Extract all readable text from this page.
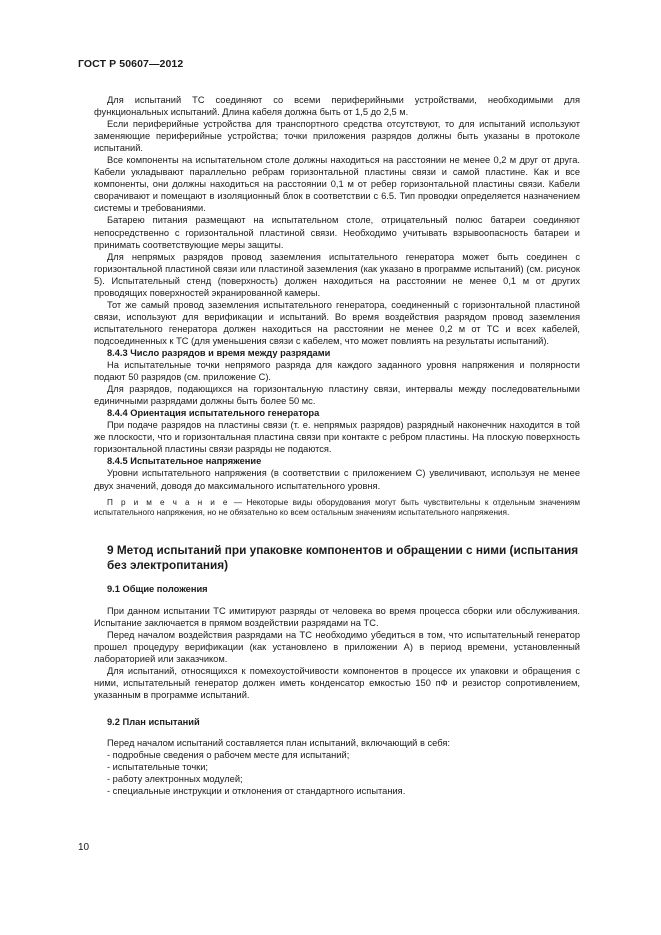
ГОСТ Р 50607—2012

Для испытаний ТС соединяют со всеми периферийными устройствами, необходимыми для функциональных испытаний. Длина кабеля должна быть от 1,5 до 2,5 м.

Если периферийные устройства для транспортного средства отсутствуют, то для испытаний используют заменяющие периферийные устройства; точки приложения разрядов должны быть указаны в протоколе испытаний.

Все компоненты на испытательном столе должны находиться на расстоянии не менее 0,2 м друг от друга. Кабели укладывают параллельно ребрам горизонтальной пластины связи и самой пластине. Как и все компоненты, они должны находиться на расстоянии 0,1 м от ребер горизонтальной пластины связи. Кабели сворачивают и помещают в изоляционный блок в соответствии с 6.5. Тип проводки определяется назначением системы и требованиями.

Батарею питания размещают на испытательном столе, отрицательный полюс батареи соединяют непосредственно с горизонтальной пластиной связи. Необходимо учитывать взрывоопасность батареи и принимать соответствующие меры защиты.

Для непрямых разрядов провод заземления испытательного генератора может быть соединен с горизонтальной пластиной связи или пластиной заземления (как указано в программе испытаний) (см. рисунок 5). Испытательный стенд (поверхность) должен находиться на расстоянии не менее 0,1 м от других проводящих поверхностей экранированной камеры.

Тот же самый провод заземления испытательного генератора, соединенный с горизонтальной пластиной связи, используют для верификации и испытаний. Во время воздействия разрядом провод заземления испытательного генератора должен находиться на расстоянии не менее 0,2 м от ТС и всех кабелей, подсоединенных к ТС (для уменьшения связи с кабелем, что может повлиять на результаты испытаний).

8.4.3 Число разрядов и время между разрядами

На испытательные точки непрямого разряда для каждого заданного уровня напряжения и полярности подают 50 разрядов (см. приложение С).

Для разрядов, подающихся на горизонтальную пластину связи, интервалы между последовательными единичными разрядами должны быть более 50 мс.

8.4.4 Ориентация испытательного генератора

При подаче разрядов на пластины связи (т. е. непрямых разрядов) разрядный наконечник находится в той же плоскости, что и горизонтальная пластина связи при контакте с ребром пластины. На плоскую поверхность горизонтальной пластины связи разряды не подаются.

8.4.5 Испытательное напряжение

Уровни испытательного напряжения (в соответствии с приложением С) увеличивают, используя не менее двух значений, доводя до максимального испытательного уровня.

П р и м е ч а н и е — Некоторые виды оборудования могут быть чувствительны к отдельным значениям испытательного напряжения, но не обязательно ко всем остальным значениям испытательного напряжения.

9 Метод испытаний при упаковке компонентов и обращении с ними (испытания без электропитания)
9.1 Общие положения

При данном испытании ТС имитируют разряды от человека во время процесса сборки или обслуживания. Испытание заключается в прямом воздействии разрядами на ТС.

Перед началом воздействия разрядами на ТС необходимо убедиться в том, что испытательный генератор прошел процедуру верификации (как установлено в приложении А) в период времени, установленный лабораторией или заказчиком.

Для испытаний, относящихся к помехоустойчивости компонентов в процессе их упаковки и обращения с ними, испытательный генератор должен иметь конденсатор емкостью 150 пФ и резистор сопротивлением, указанным в программе испытаний.

9.2 План испытаний

Перед началом испытаний составляется план испытаний, включающий в себя:

- подробные сведения о рабочем месте для испытаний;

- испытательные точки;

- работу электронных модулей;

- специальные инструкции и отклонения от стандартного испытания.

10
